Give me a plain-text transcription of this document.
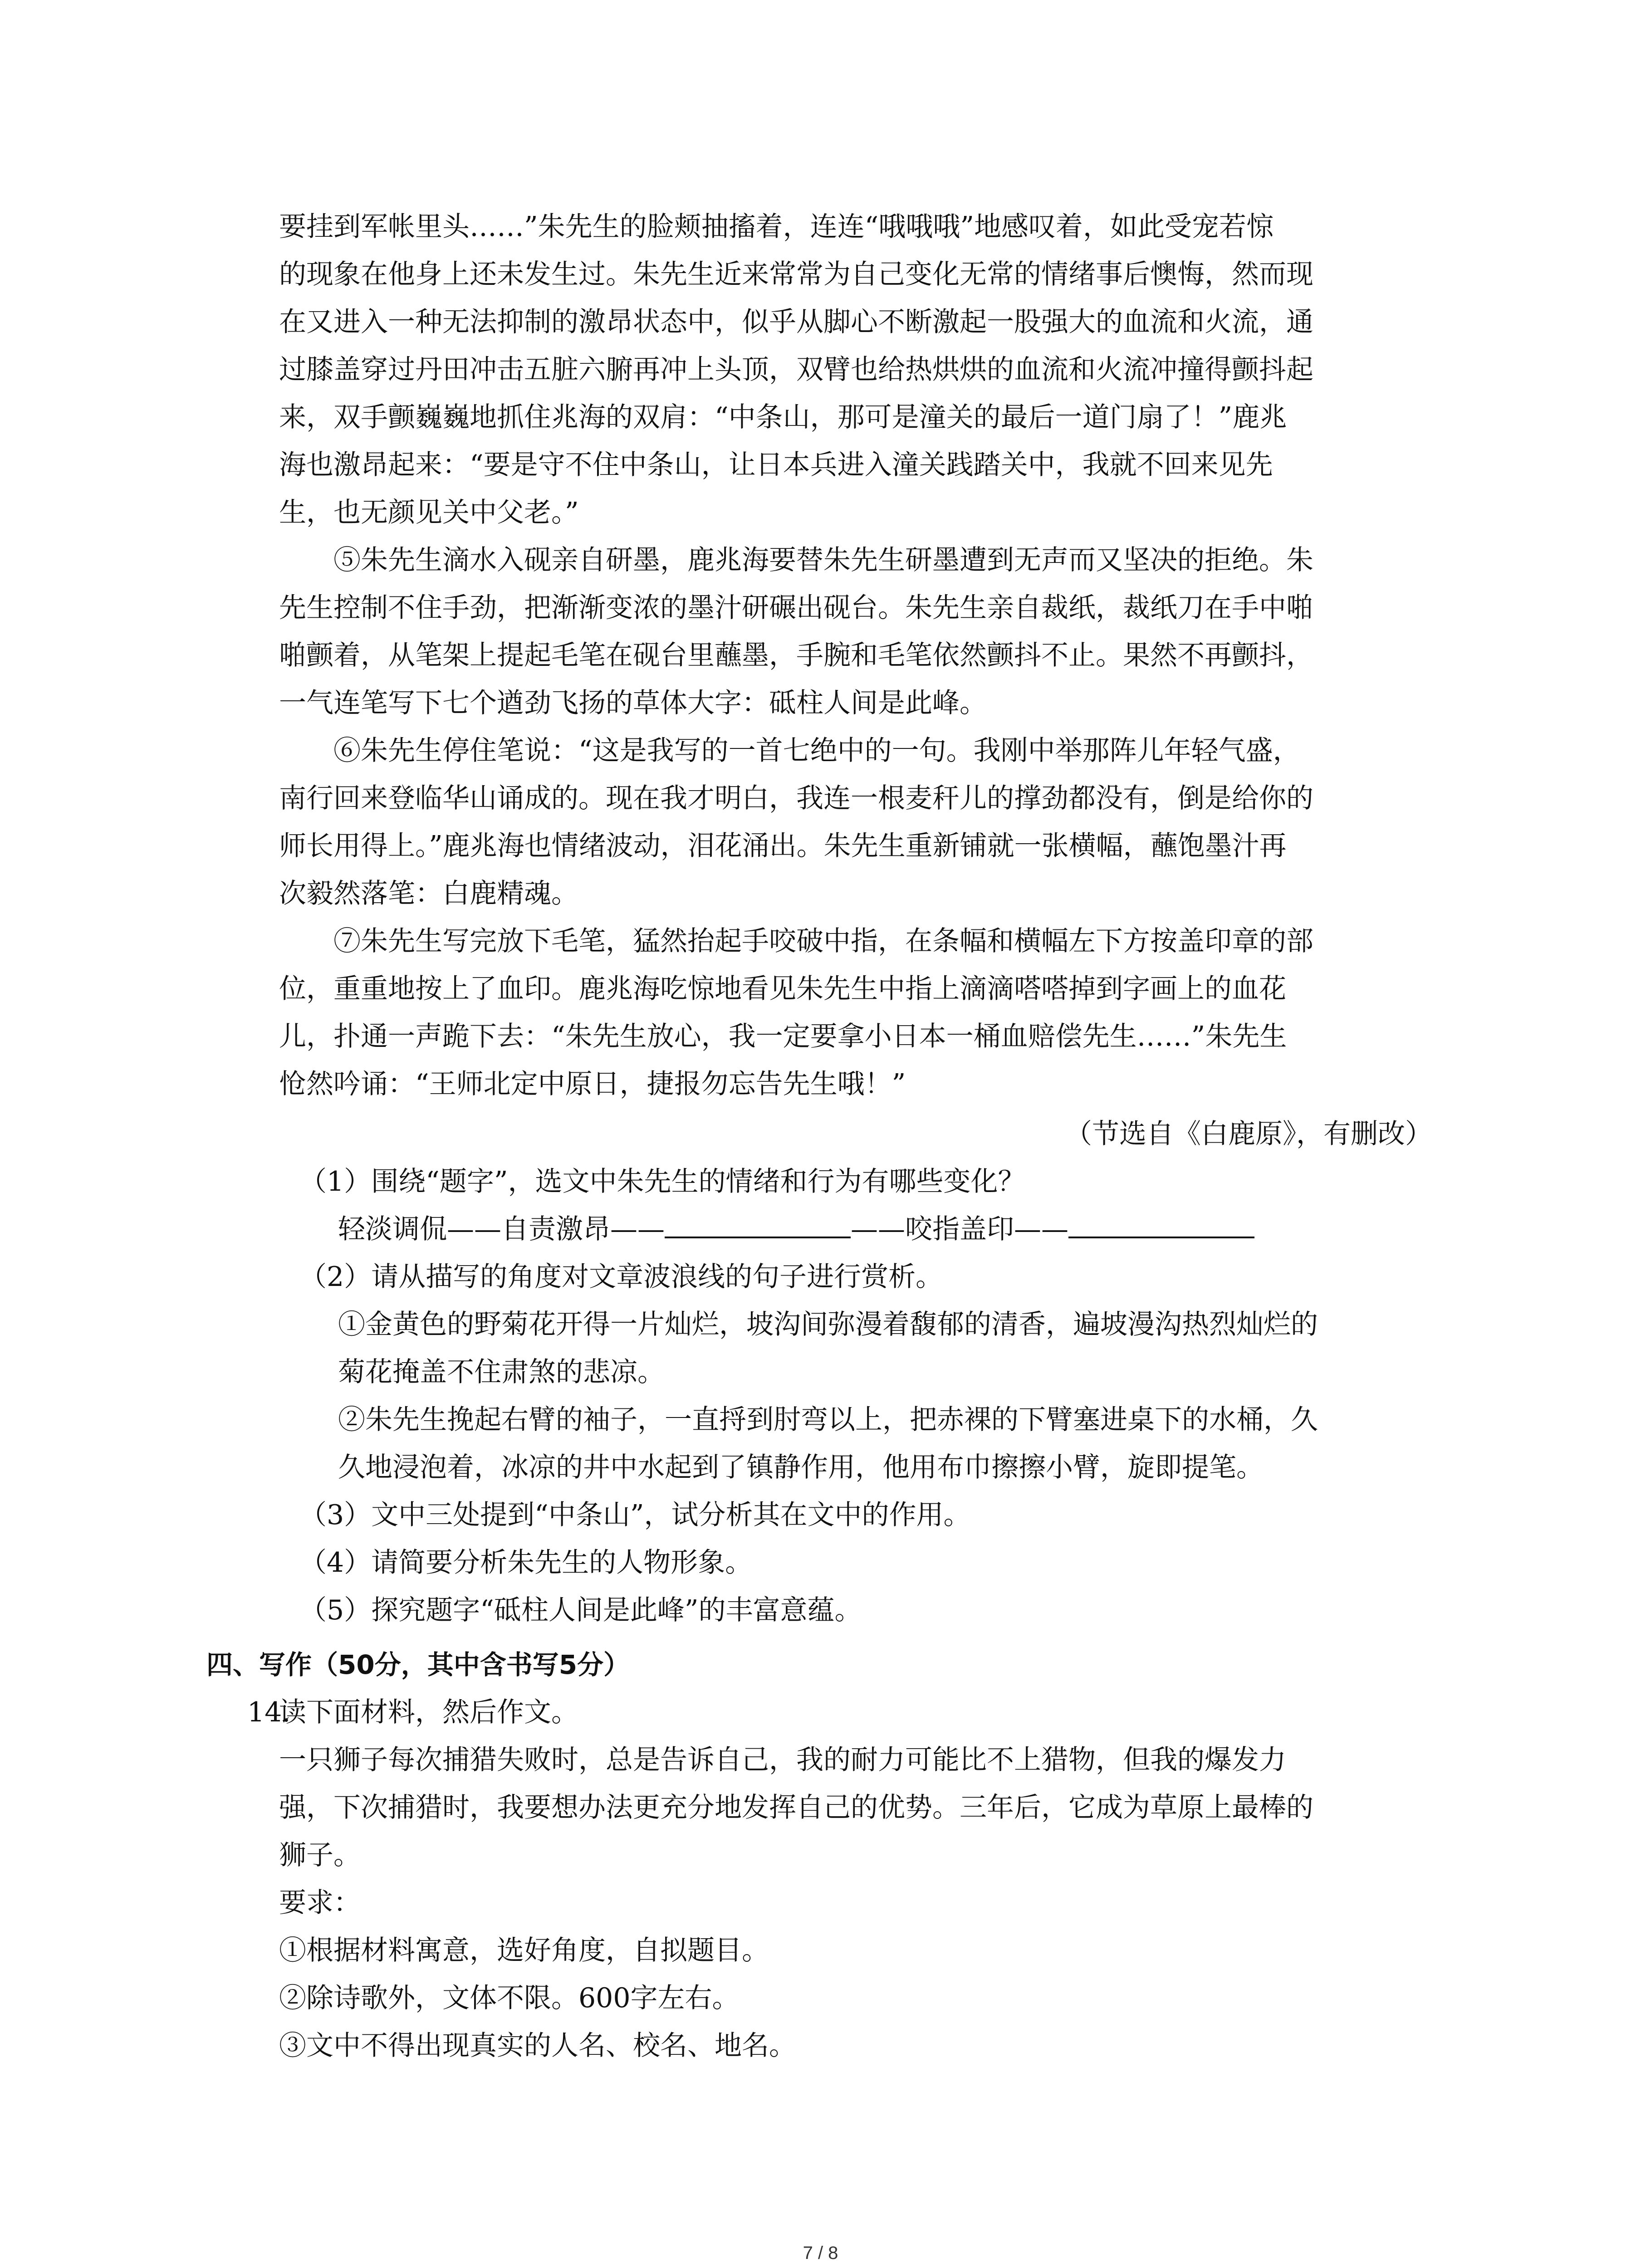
要挂到军帐里头……”朱先生的脸颊抽搐着，连连“哦哦哦”地感叹着，如此受宠若惊
的现象在他身上还未发生过。朱先生近来常常为自己变化无常的情绪事后懊悔，然而现
在又进入一种无法抑制的激昂状态中，似乎从脚心不断激起一股强大的血流和火流，通
过膝盖穿过丹田冲击五脏六腑再冲上头顶，双臂也给热烘烘的血流和火流冲撞得颤抖起
来，双手颤巍巍地抓住兆海的双肩：“中条山，那可是潼关的最后一道门扇了！”鹿兆
海也激昂起来：“要是守不住中条山，让日本兵进入潼关践踏关中，我就不回来见先
生，也无颜见关中父老。”
⑤朱先生滴水入砚亲自研墨，鹿兆海要替朱先生研墨遭到无声而又坚决的拒绝。朱
先生控制不住手劲，把渐渐变浓的墨汁研碾出砚台。朱先生亲自裁纸，裁纸刀在手中啪
啪颤着，从笔架上提起毛笔在砚台里蘸墨，手腕和毛笔依然颤抖不止。果然不再颤抖，
一气连笔写下七个遒劲飞扬的草体大字：砥柱人间是此峰。
⑥朱先生停住笔说：“这是我写的一首七绝中的一句。我刚中举那阵儿年轻气盛，
南行回来登临华山诵成的。现在我才明白，我连一根麦秆儿的撑劲都没有，倒是给你的
师长用得上。”鹿兆海也情绪波动，泪花涌出。朱先生重新铺就一张横幅，蘸饱墨汁再
次毅然落笔：白鹿精魂。
⑦朱先生写完放下毛笔，猛然抬起手咬破中指，在条幅和横幅左下方按盖印章的部
位，重重地按上了血印。鹿兆海吃惊地看见朱先生中指上滴滴嗒嗒掉到字画上的血花
儿，扑通一声跪下去：“朱先生放心，我一定要拿小日本一桶血赔偿先生……”朱先生
怆然吟诵：“王师北定中原日，捷报勿忘告先生哦！”
（节选自《白鹿原》，有删改）
（1）围绕“题字”，选文中朱先生的情绪和行为有哪些变化？
轻淡调侃——自责激昂——	——咬指盖印——
（2）请从描写的角度对文章波浪线的句子进行赏析。
①金黄色的野菊花开得一片灿烂，坡沟间弥漫着馥郁的清香，遍坡漫沟热烈灿烂的
菊花掩盖不住肃煞的悲凉。
②朱先生挽起右臂的袖子，一直捋到肘弯以上，把赤裸的下臂塞进桌下的水桶，久
久地浸泡着，冰凉的井中水起到了镇静作用，他用布巾擦擦小臂，旋即提笔。
（3）文中三处提到“中条山”，试分析其在文中的作用。
（4）请简要分析朱先生的人物形象。
（5）探究题字“砥柱人间是此峰”的丰富意蕴。
四、写作（50分，其中含书写5分）
14.
读下面材料，然后作文。
一只狮子每次捕猎失败时，总是告诉自己，我的耐力可能比不上猎物，但我的爆发力
强，下次捕猎时，我要想办法更充分地发挥自己的优势。三年后，它成为草原上最棒的
狮子。
要求：
①根据材料寓意，选好角度，自拟题目。
②除诗歌外，文体不限。600字左右。
③文中不得出现真实的人名、校名、地名。
7 / 8
